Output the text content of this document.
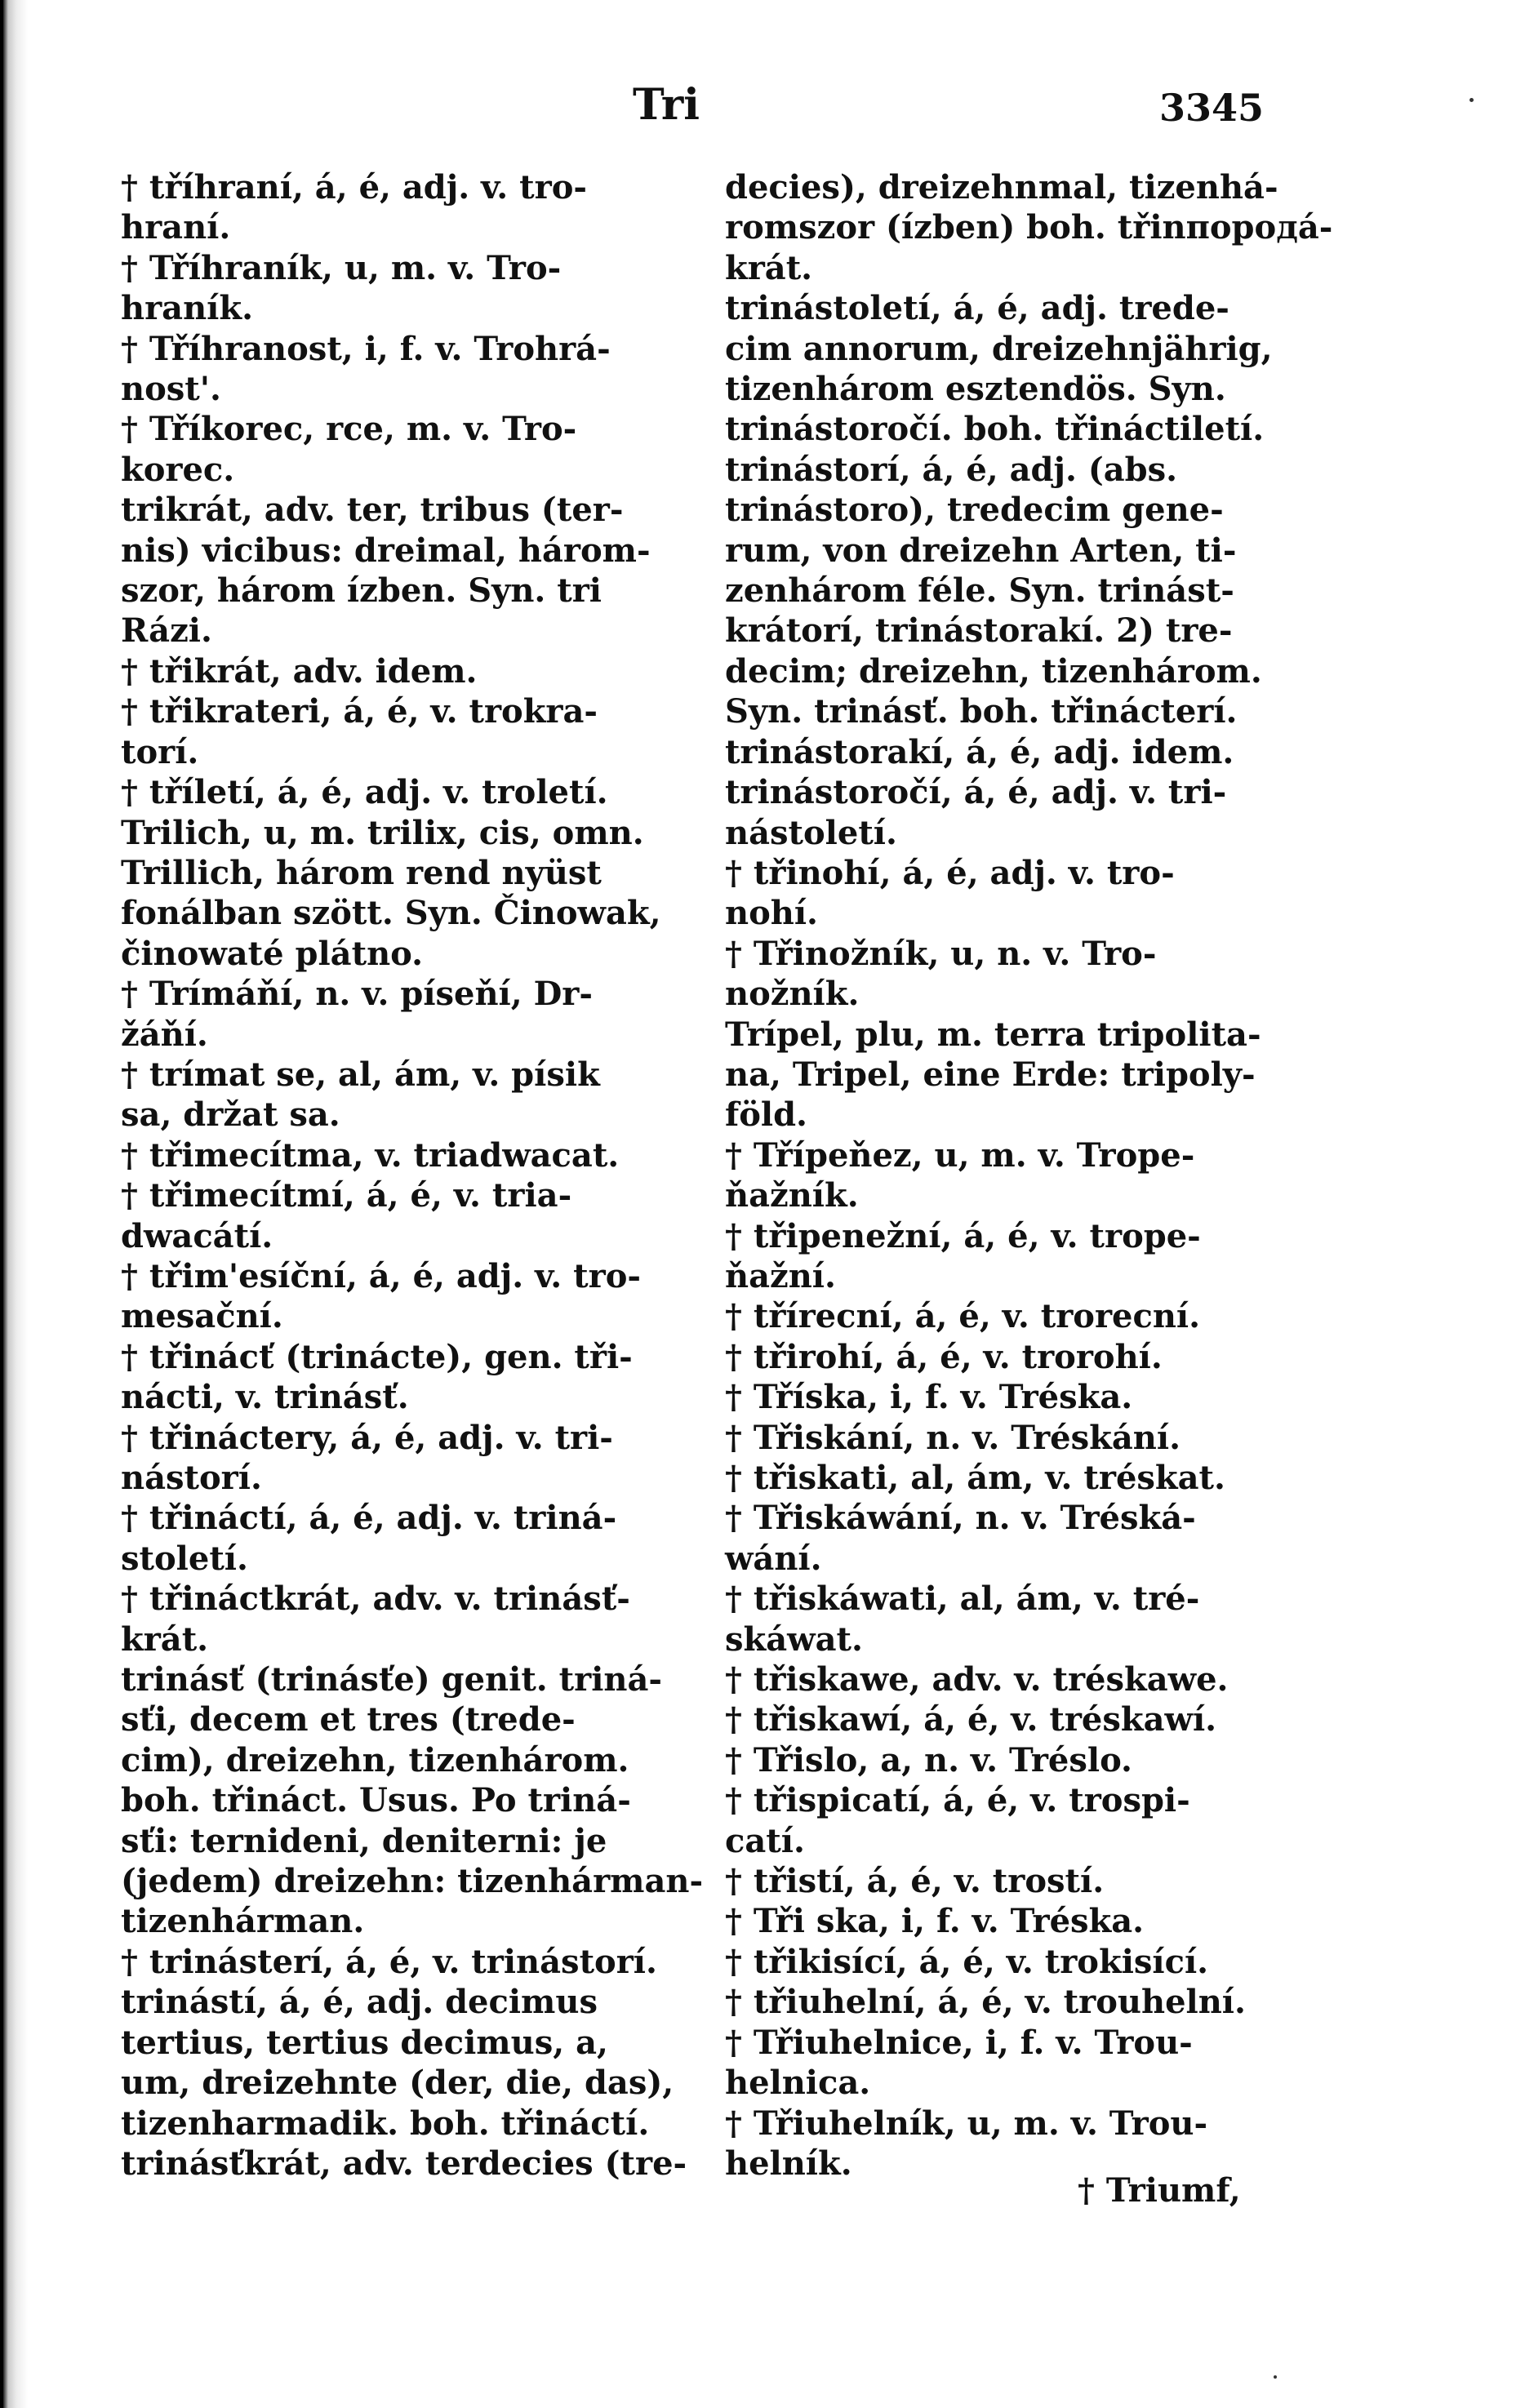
Tri	3345
† tříhraní, á, é, adj. v. tro-
hraní.
† Tříhraník, u, m. v. Tro-
hraník.
† Tříhranost, i, f. v. Trohrá-
nost'.
† Tříkorec, rce, m. v. Tro-
korec.
trikrát, adv. ter, tribus (ter-
nis) vicibus: dreimal, három-
szor, három ízben. Syn. tri
Rázi.
† třikrát, adv. idem.
† třikrateri, á, é, v. trokra-
torí.
† tříletí, á, é, adj. v. troletí.
Trilich, u, m. trilix, cis, omn.
Trillich, három rend nyüst
fonálban szött. Syn. Činowak,
činowaté plátno.
† Trímáňí, n. v. píseňí, Dr-
žáňí.
† trímat se, al, ám, v. písik
sa, držat sa.
† třimecítma, v. triadwacat.
† třimecítmí, á, é, v. tria-
dwacátí.
† třim'esíční, á, é, adj. v. tro-
mesační.
† třinácť (trinácte), gen. tři-
nácti, v. trinásť.
† třináctery, á, é, adj. v. tri-
nástorí.
† třináctí, á, é, adj. v. triná-
století.
† třináctkrát, adv. v. trinásť-
krát.
trinásť (trinásťe) genit. triná-
sťi, decem et tres (trede-
cim), dreizehn, tizenhárom.
boh. třináct. Usus. Po triná-
sťi: ternideni, deniterni: je
(jedem) dreizehn: tizenhárman-
tizenhárman.
† trinásterí, á, é, v. trinástorí.
trinástí, á, é, adj. decimus
tertius, tertius decimus, a,
um, dreizehnte (der, die, das),
tizenharmadik. boh. třináctí.
trinásťkrát, adv. terdecies (tre-
decies), dreizehnmal, tizenhá-
romszor (ízben) boh. třinпородá-
krát.
trinástoletí, á, é, adj. trede-
cim annorum, dreizehnjährig,
tizenhárom esztendös. Syn.
trinástoročí. boh. třináctiletí.
trinástorí, á, é, adj. (abs.
trinástoro), tredecim gene-
rum, von dreizehn Arten, ti-
zenhárom féle. Syn. trinást-
krátorí, trinástorakí. 2) tre-
decim; dreizehn, tizenhárom.
Syn. trinásť. boh. třinácterí.
trinástorakí, á, é, adj. idem.
trinástoročí, á, é, adj. v. tri-
nástoletí.
† třinohí, á, é, adj. v. tro-
nohí.
† Třinožník, u, n. v. Tro-
nožník.
Trípel, plu, m. terra tripolita-
na, Tripel, eine Erde: tripoly-
föld.
† Třípeňez, u, m. v. Trope-
ňažník.
† třipenežní, á, é, v. trope-
ňažní.
† třírecní, á, é, v. trorecní.
† třirohí, á, é, v. trorohí.
† Tříska, i, f. v. Tréska.
† Třiskání, n. v. Tréskání.
† třiskati, al, ám, v. tréskat.
† Třiskáwání, n. v. Tréská-
wání.
† třiskáwati, al, ám, v. tré-
skáwat.
† třiskawe, adv. v. tréskawe.
† třiskawí, á, é, v. tréskawí.
† Třislo, a, n. v. Tréslo.
† třispicatí, á, é, v. trospi-
catí.
† třistí, á, é, v. trostí.
† Tři ska, i, f. v. Tréska.
† třikisící, á, é, v. trokisící.
† třiuhelní, á, é, v. trouhelní.
† Třiuhelnice, i, f. v. Trou-
helnica.
† Třiuhelník, u, m. v. Trou-
helník.
† Triumf,
